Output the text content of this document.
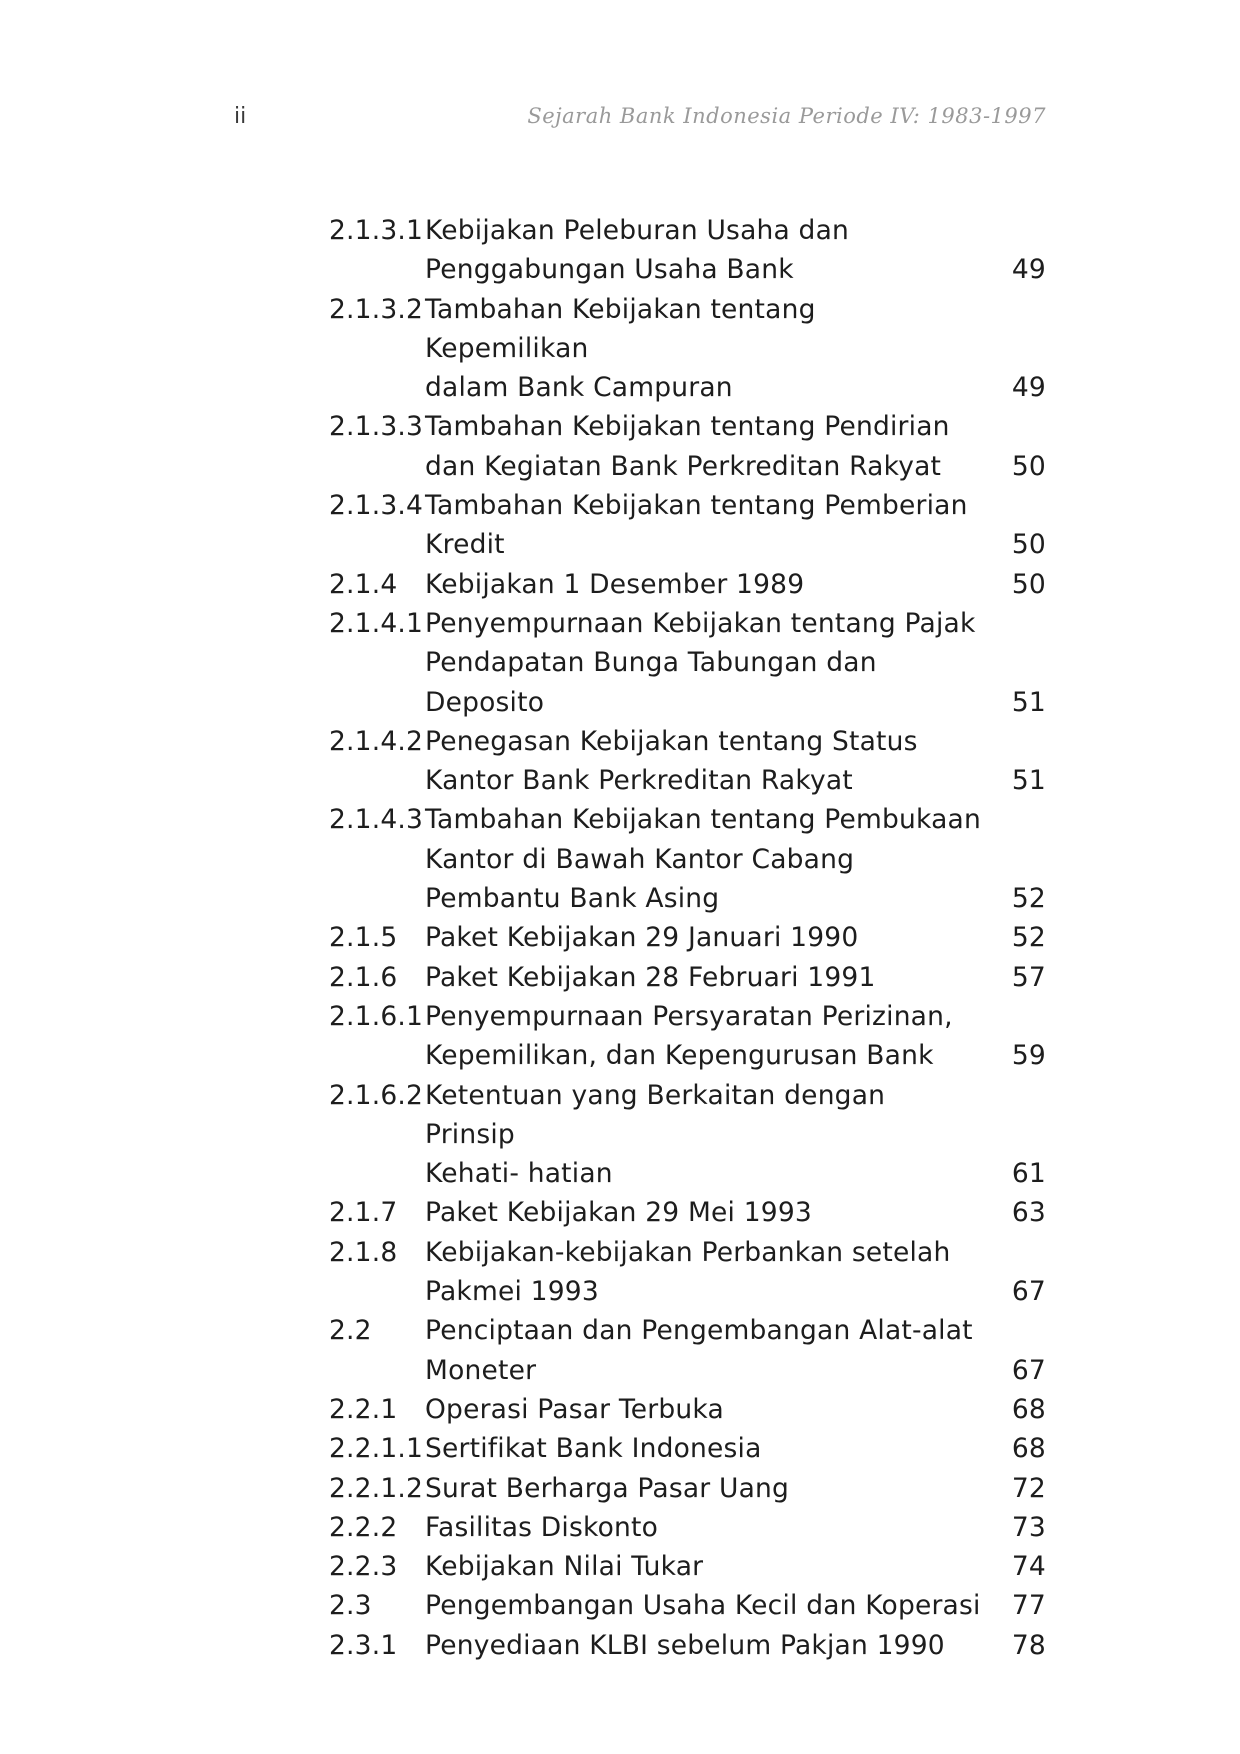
ii	Sejarah Bank Indonesia Periode IV: 1983-1997
2.1.3.1 Kebijakan Peleburan Usaha dan
Penggabungan Usaha Bank	49
2.1.3.2 Tambahan Kebijakan tentang Kepemilikan
dalam Bank Campuran	49
2.1.3.3 Tambahan Kebijakan tentang Pendirian
dan Kegiatan Bank Perkreditan Rakyat	50
2.1.3.4 Tambahan Kebijakan tentang Pemberian
Kredit	50
2.1.4	Kebijakan 1 Desember 1989	50
2.1.4.1 Penyempurnaan Kebijakan tentang Pajak
Pendapatan Bunga Tabungan dan
Deposito	51
2.1.4.2 Penegasan Kebijakan tentang Status
Kantor Bank Perkreditan Rakyat	51
2.1.4.3 Tambahan Kebijakan tentang Pembukaan
Kantor di Bawah Kantor Cabang
Pembantu Bank Asing	52
2.1.5	Paket Kebijakan 29 Januari 1990	52
2.1.6	Paket Kebijakan 28 Februari 1991	57
2.1.6.1 Penyempurnaan Persyaratan Perizinan,
Kepemilikan, dan Kepengurusan Bank	59
2.1.6.2 Ketentuan yang Berkaitan dengan Prinsip
Kehati- hatian	61
2.1.7	Paket Kebijakan 29 Mei 1993	63
2.1.8	Kebijakan-kebijakan Perbankan setelah
Pakmei 1993	67
2.2	Penciptaan dan Pengembangan Alat-alat
Moneter	67
2.2.1	Operasi Pasar Terbuka	68
2.2.1.1 Sertifikat Bank Indonesia	68
2.2.1.2 Surat Berharga Pasar Uang	72
2.2.2	Fasilitas Diskonto	73
2.2.3	Kebijakan Nilai Tukar	74
2.3	Pengembangan Usaha Kecil dan Koperasi	77
2.3.1	Penyediaan KLBI sebelum Pakjan 1990	78
